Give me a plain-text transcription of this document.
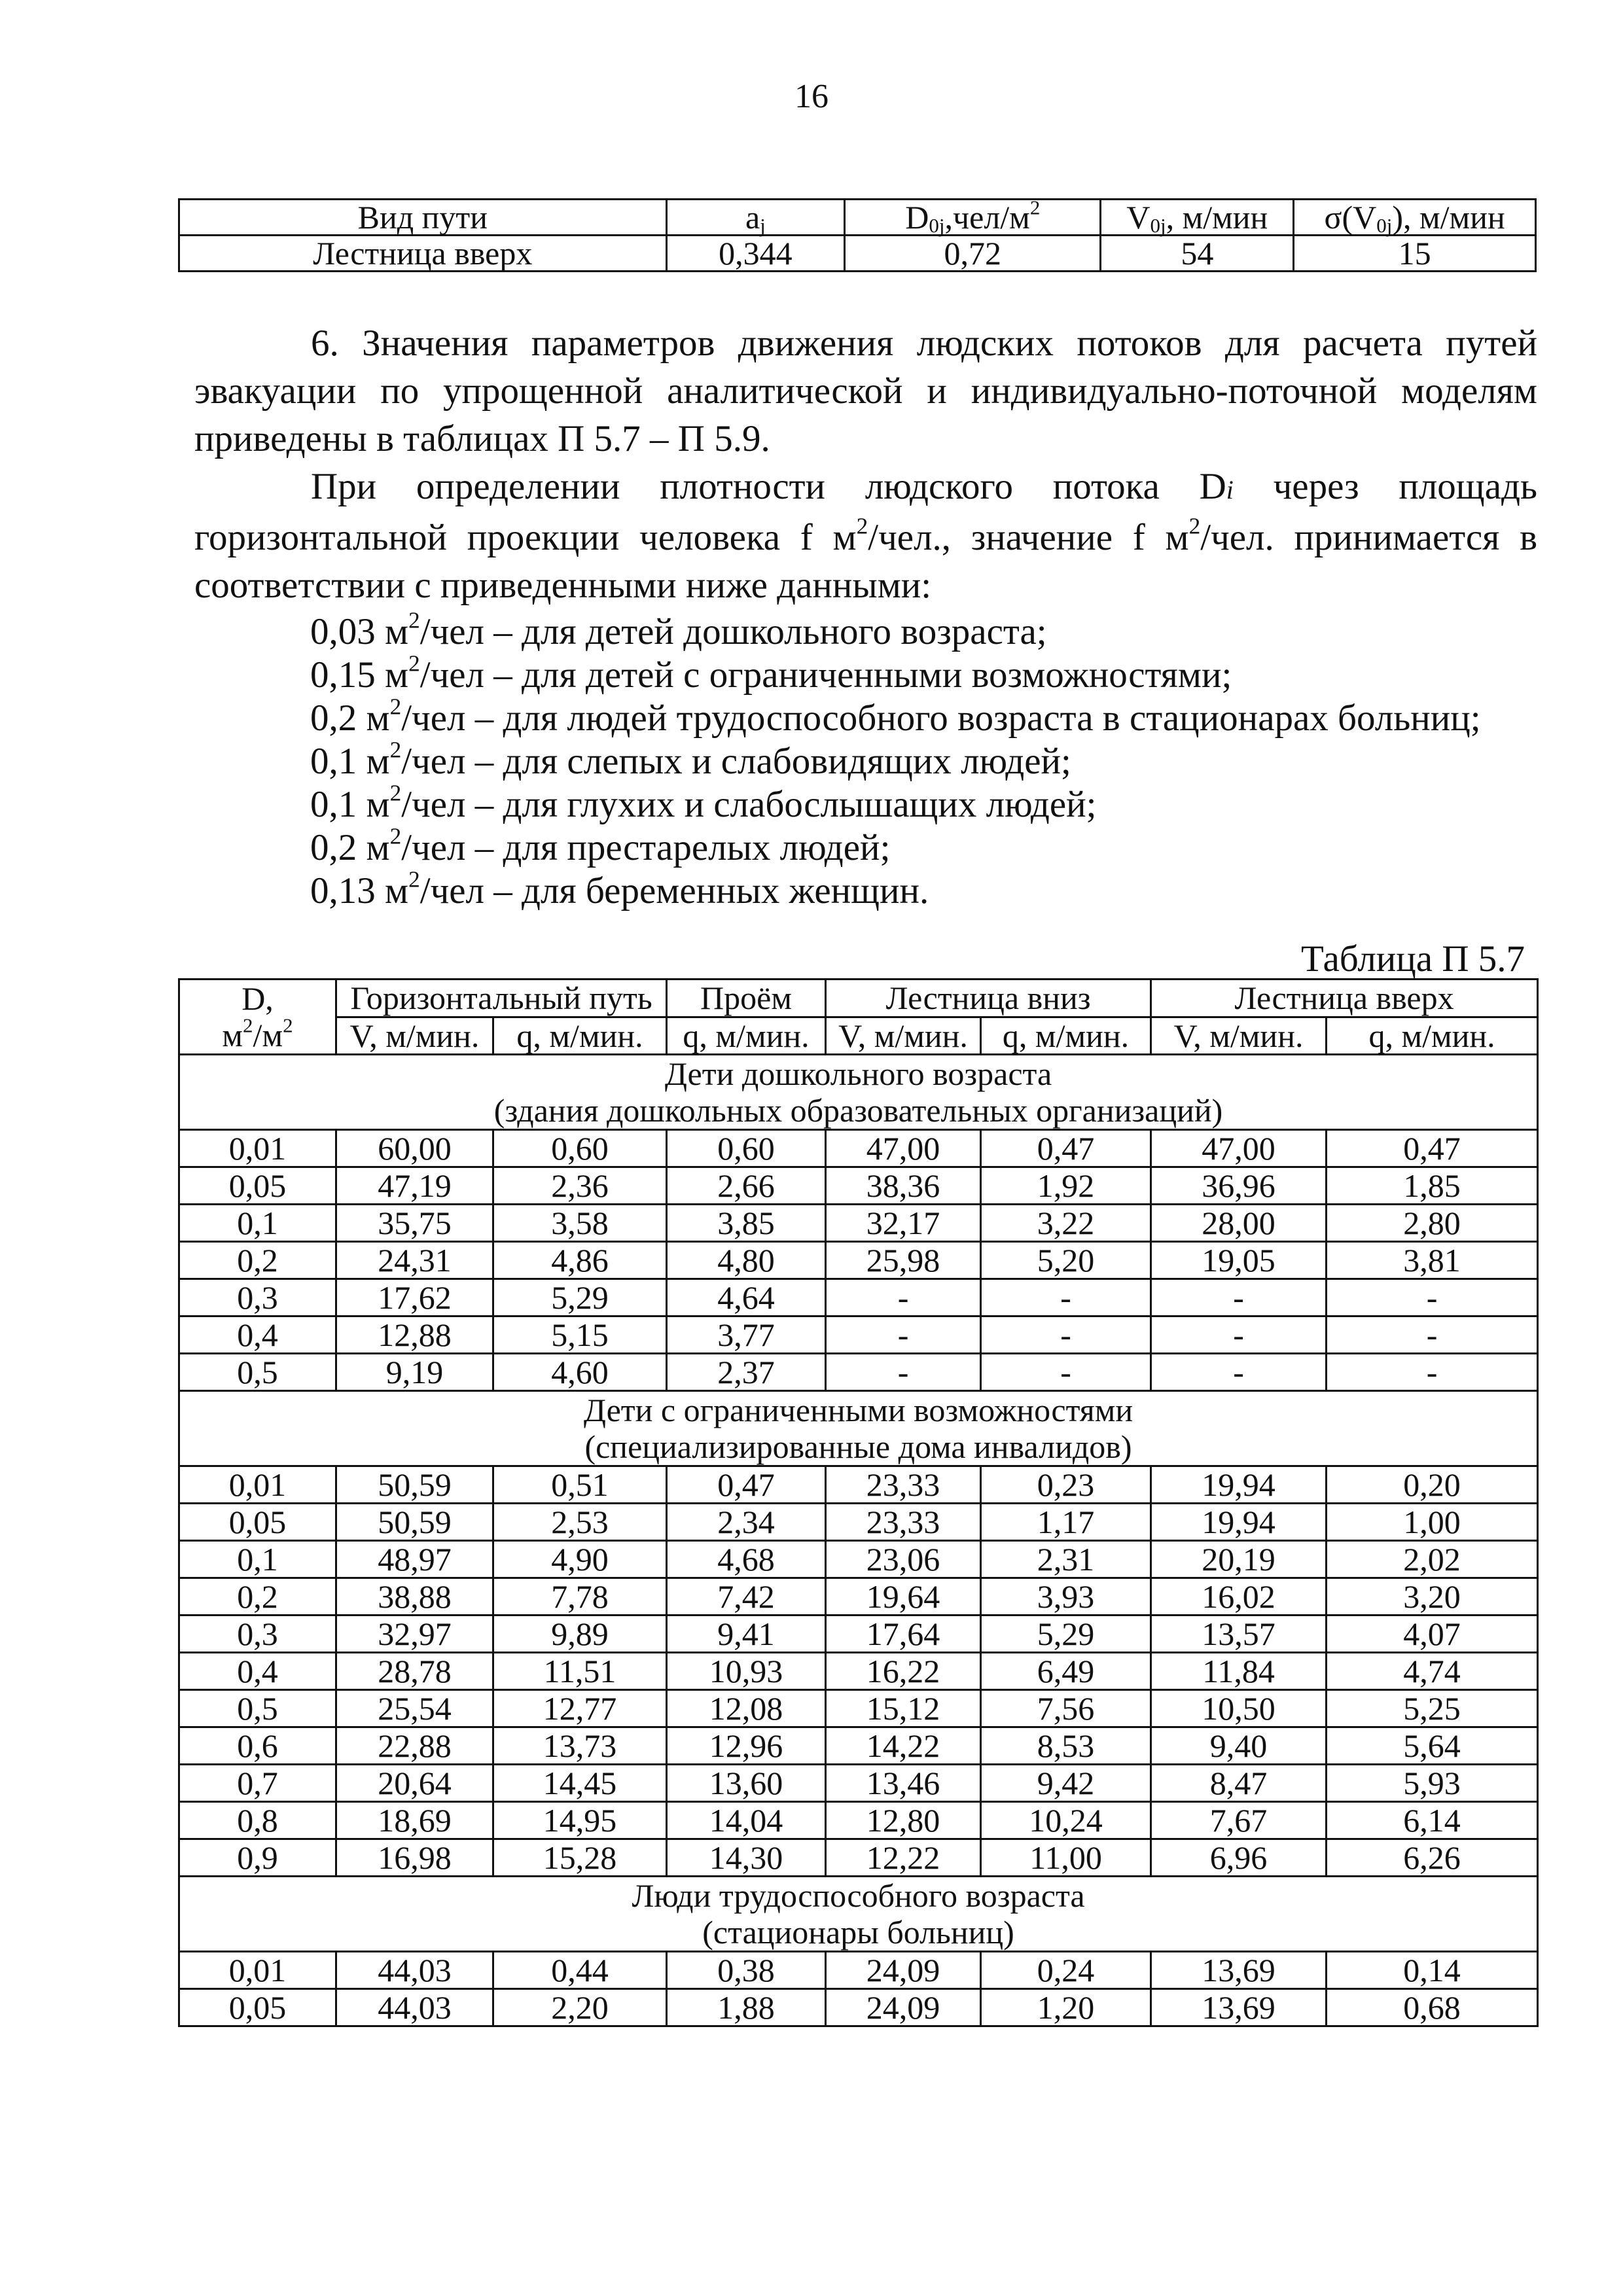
16
Вид пути	$a_j$	$D_{0j},чел/м^2$	$V_{0j}$, м/мин	$\sigma(V_{0j})$, м/мин
Лестница вверх	0,344	0,72	54	15

6. Значения параметров движения людских потоков для расчета путей эвакуации по упрощенной аналитической и индивидуально-поточной моделям приведены в таблицах П 5.7 – П 5.9.

При определении плотности людского потока Di через площадь горизонтальной проекции человека f $м^2$/чел., значение f $м^2$/чел. принимается в соответствии с приведенными ниже данными:

0,03 $м^2$/чел – для детей дошкольного возраста;
0,15 $м^2$/чел – для детей с ограниченными возможностями;
0,2 $м^2$/чел – для людей трудоспособного возраста в стационарах больниц;
0,1 $м^2$/чел – для слепых и слабовидящих людей;
0,1 $м^2$/чел – для глухих и слабослышащих людей;
0,2 $м^2$/чел – для престарелых людей;
0,13 $м^2$/чел – для беременных женщин.
Таблица П 5.7
D,
$м^2/м^2$	Горизонтальный путь		Проём	Лестница вниз		Лестница вверх	
	V, м/мин.	q, м/мин.	q, м/мин.	V, м/мин.	q, м/мин.	V, м/мин.	q, м/мин.

Дети дошкольного возраста
(здания дошкольных образовательных организаций)							

0,01	60,00	0,60	0,60	47,00	0,47	47,00	0,47
0,05	47,19	2,36	2,66	38,36	1,92	36,96	1,85
0,1	35,75	3,58	3,85	32,17	3,22	28,00	2,80
0,2	24,31	4,86	4,80	25,98	5,20	19,05	3,81
0,3	17,62	5,29	4,64	-	-	-	-
0,4	12,88	5,15	3,77	-	-	-	-
0,5	9,19	4,60	2,37	-	-	-	-

Дети с ограниченными возможностями
(специализированные дома инвалидов)							

0,01	50,59	0,51	0,47	23,33	0,23	19,94	0,20
0,05	50,59	2,53	2,34	23,33	1,17	19,94	1,00
0,1	48,97	4,90	4,68	23,06	2,31	20,19	2,02
0,2	38,88	7,78	7,42	19,64	3,93	16,02	3,20
0,3	32,97	9,89	9,41	17,64	5,29	13,57	4,07
0,4	28,78	11,51	10,93	16,22	6,49	11,84	4,74
0,5	25,54	12,77	12,08	15,12	7,56	10,50	5,25
0,6	22,88	13,73	12,96	14,22	8,53	9,40	5,64
0,7	20,64	14,45	13,60	13,46	9,42	8,47	5,93
0,8	18,69	14,95	14,04	12,80	10,24	7,67	6,14
0,9	16,98	15,28	14,30	12,22	11,00	6,96	6,26

Люди трудоспособного возраста
(стационары больниц)							

0,01	44,03	0,44	0,38	24,09	0,24	13,69	0,14
0,05	44,03	2,20	1,88	24,09	1,20	13,69	0,68
